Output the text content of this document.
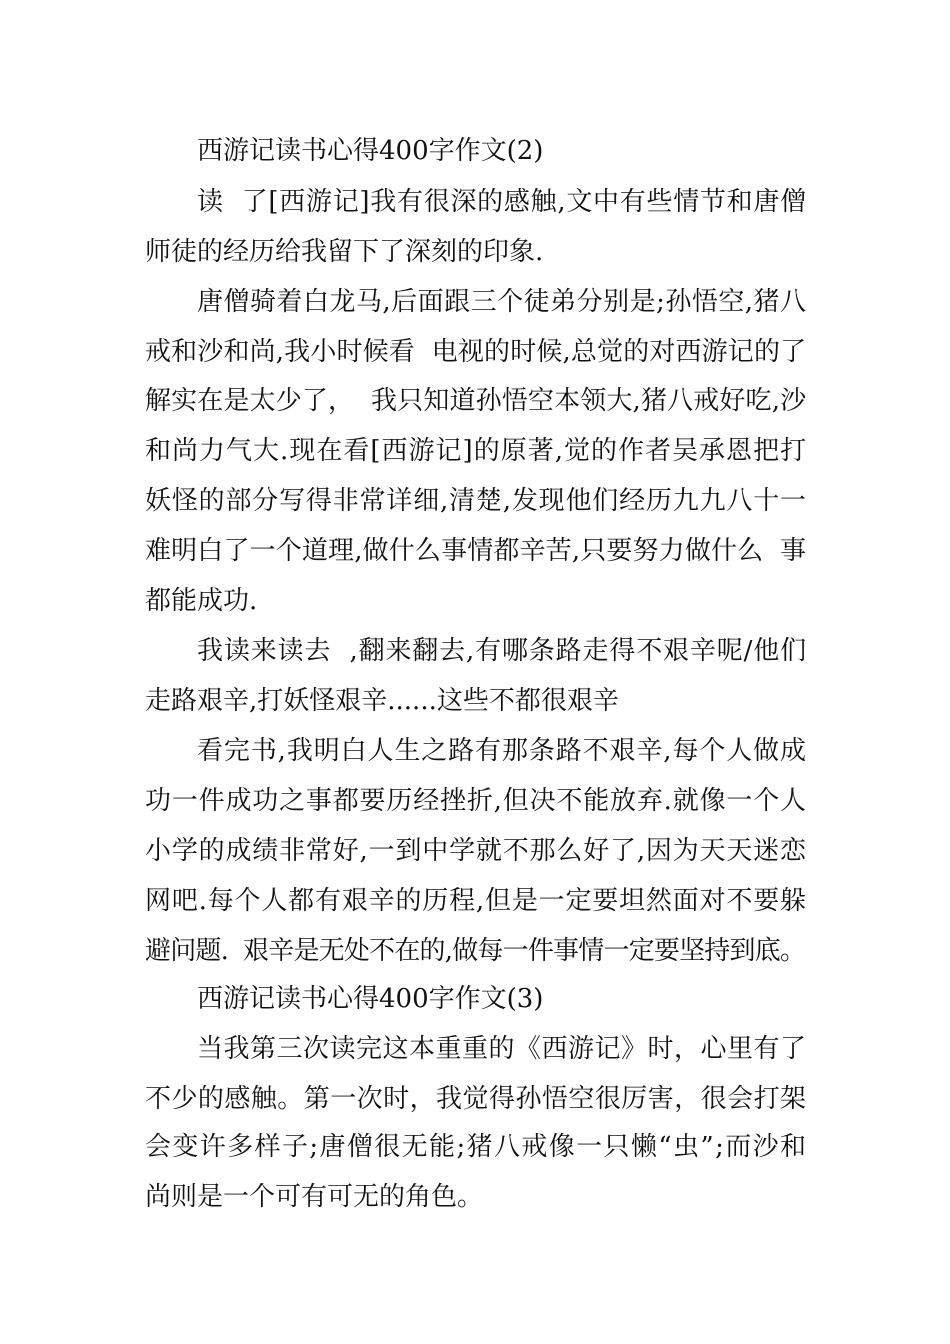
西游记读书心得400字作文(2)
读  了[西游记]我有很深的感触,文中有些情节和唐僧
师徒的经历给我留下了深刻的印象.
唐僧骑着白龙马,后面跟三个徒弟分别是;孙悟空,猪八
戒和沙和尚,我小时候看  电视的时候,总觉的对西游记的了
解实在是太少了，  我只知道孙悟空本领大,猪八戒好吃,沙
和尚力气大.现在看[西游记]的原著,觉的作者吴承恩把打
妖怪的部分写得非常详细,清楚,发现他们经历九九八十一
难明白了一个道理,做什么事情都辛苦,只要努力做什么  事
都能成功.
我读来读去  ,翻来翻去,有哪条路走得不艰辛呢/他们
走路艰辛,打妖怪艰辛......这些不都很艰辛
看完书,我明白人生之路有那条路不艰辛,每个人做成
功一件成功之事都要历经挫折,但决不能放弃.就像一个人
小学的成绩非常好,一到中学就不那么好了,因为天天迷恋
网吧.每个人都有艰辛的历程,但是一定要坦然面对不要躲
避问题.  艰辛是无处不在的,做每一件事情一定要坚持到底。
西游记读书心得400字作文(3)
当我第三次读完这本重重的《西游记》时，心里有了
不少的感触。第一次时，我觉得孙悟空很厉害，很会打架
会变许多样子;唐僧很无能;猪八戒像一只懒“虫”;而沙和
尚则是一个可有可无的角色。
